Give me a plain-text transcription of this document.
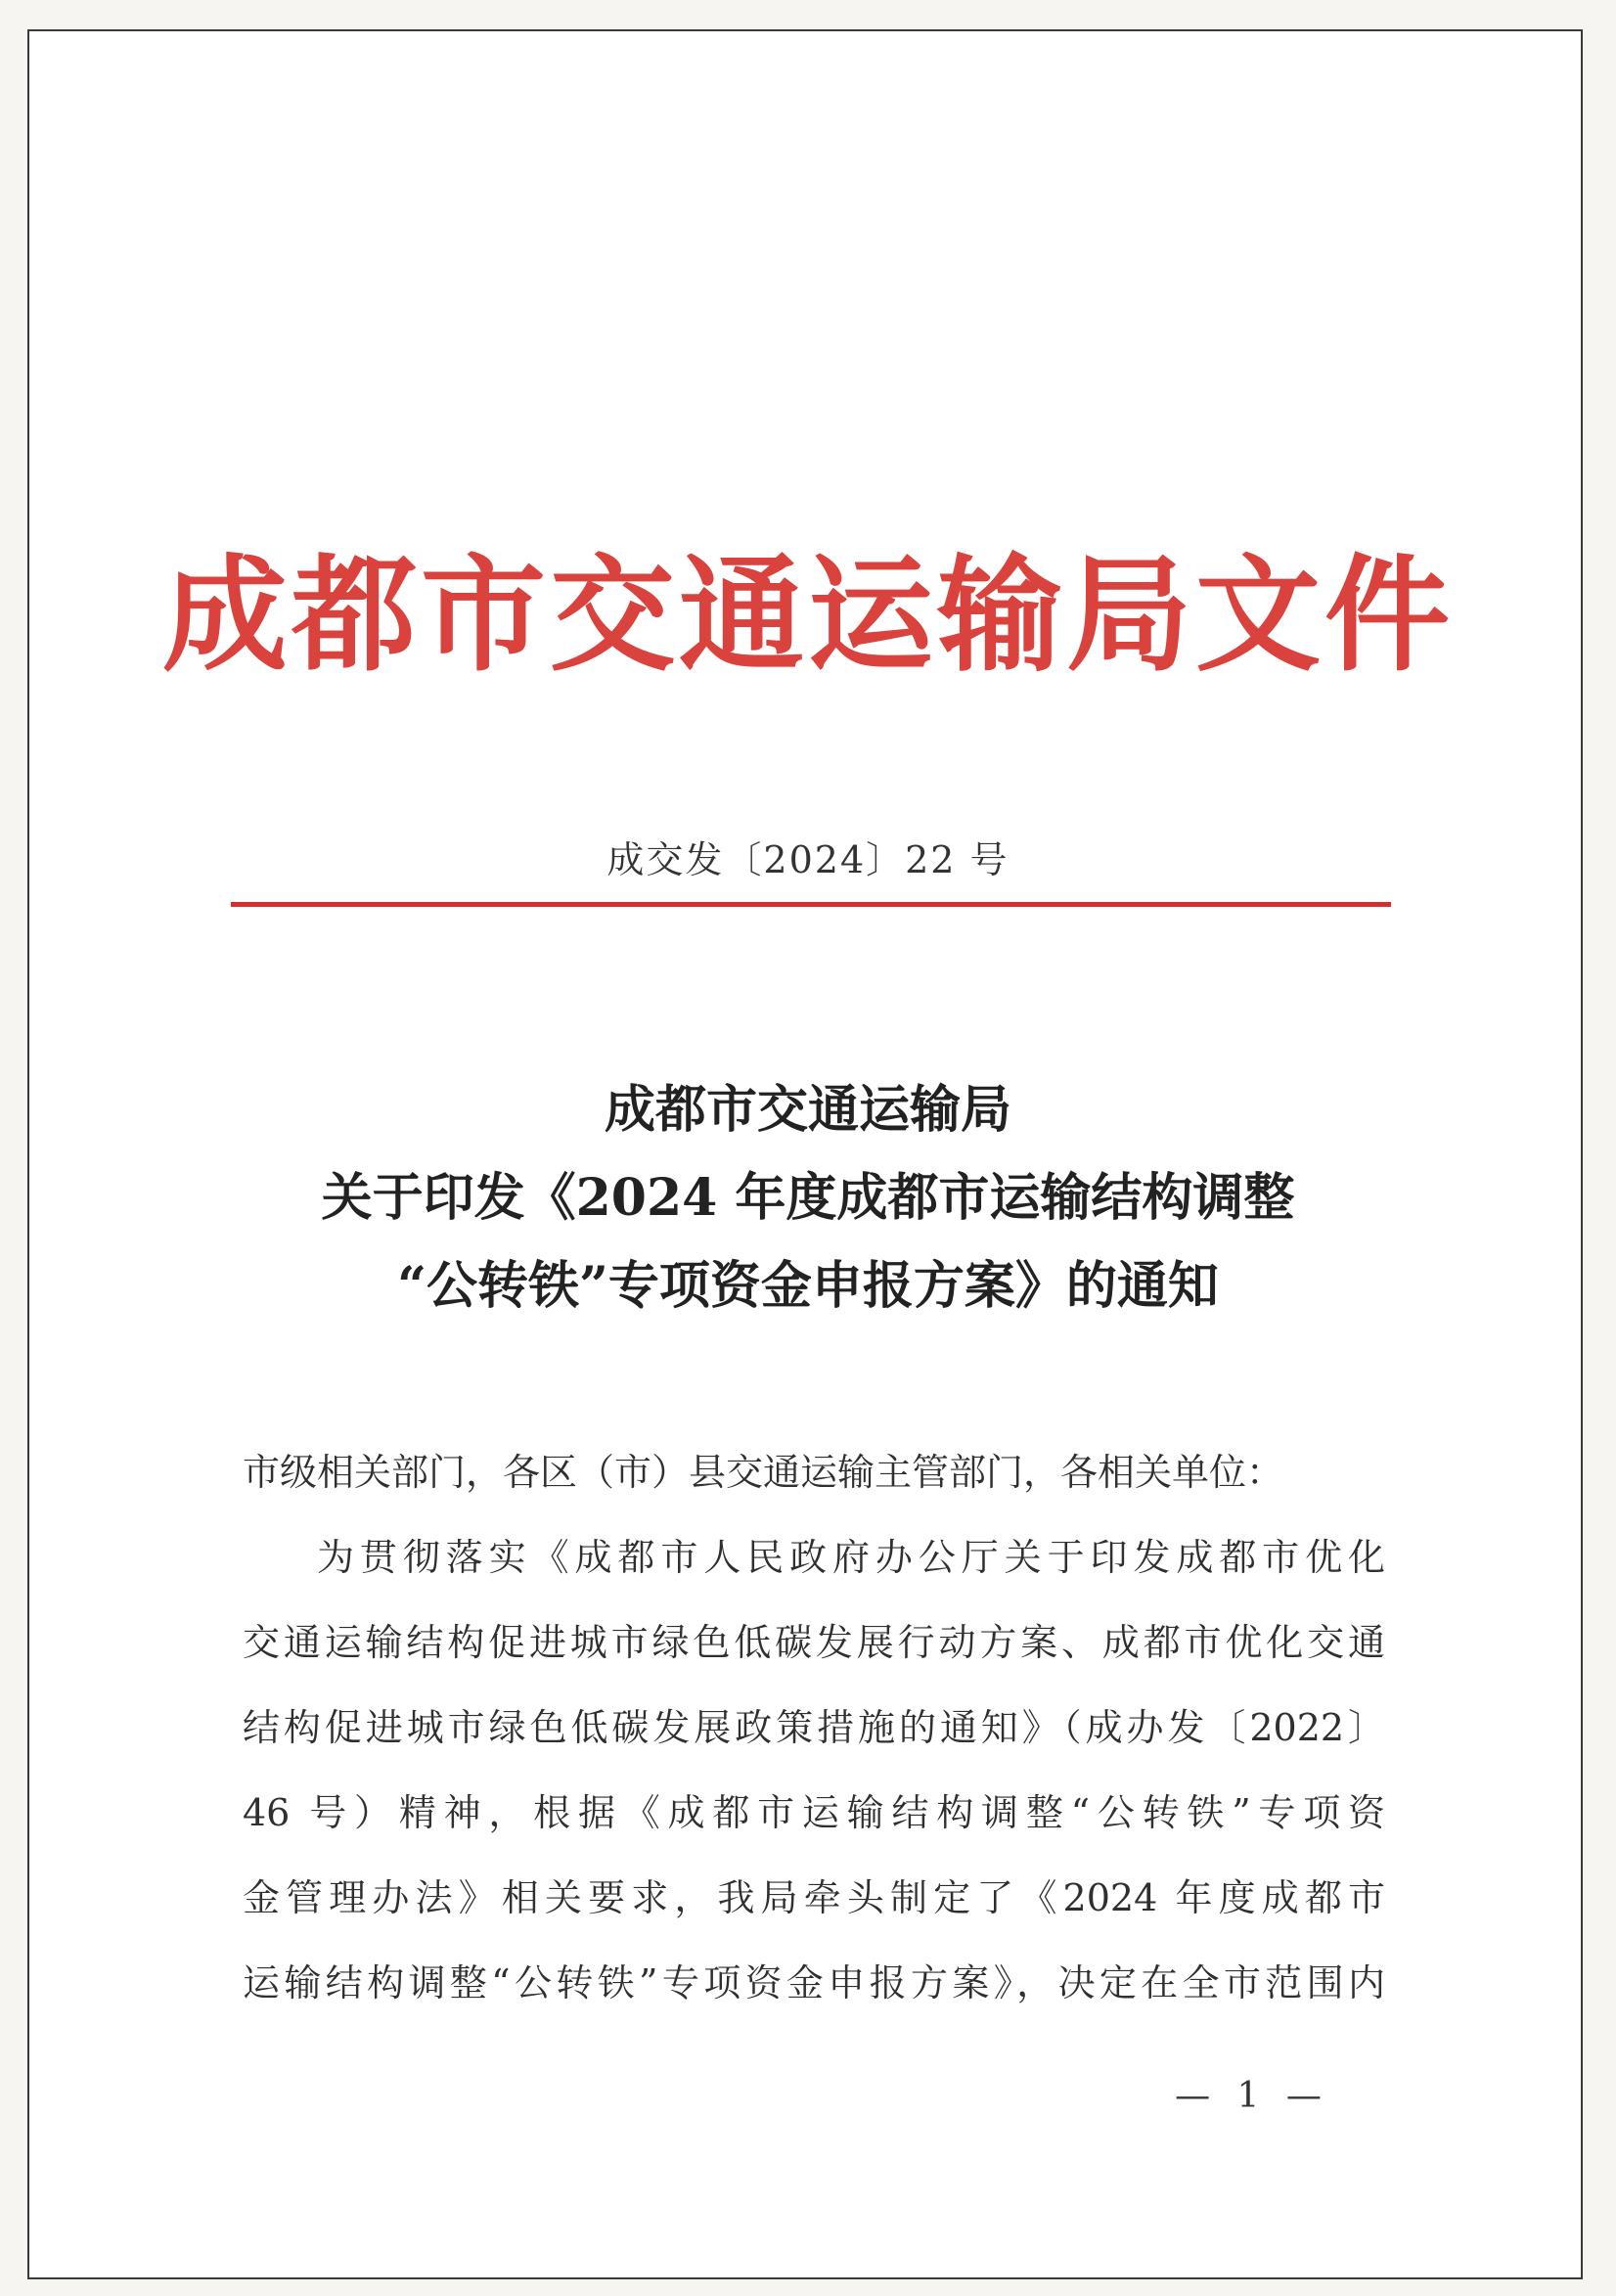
成都市交通运输局文件
成交发〔2024〕22 号
成都市交通运输局
关于印发《2024 年度成都市运输结构调整
“公转铁”专项资金申报方案》的通知
市级相关部门，各区（市）县交通运输主管部门，各相关单位：
为贯彻落实《成都市人民政府办公厅关于印发成都市优化
交通运输结构促进城市绿色低碳发展行动方案、成都市优化交通
结构促进城市绿色低碳发展政策措施的通知》（成办发〔2022〕
46 号）精神，根据《成都市运输结构调整“公转铁”专项资
金管理办法》相关要求，我局牵头制定了《2024 年度成都市
运输结构调整“公转铁”专项资金申报方案》，决定在全市范围内
— 1 —
